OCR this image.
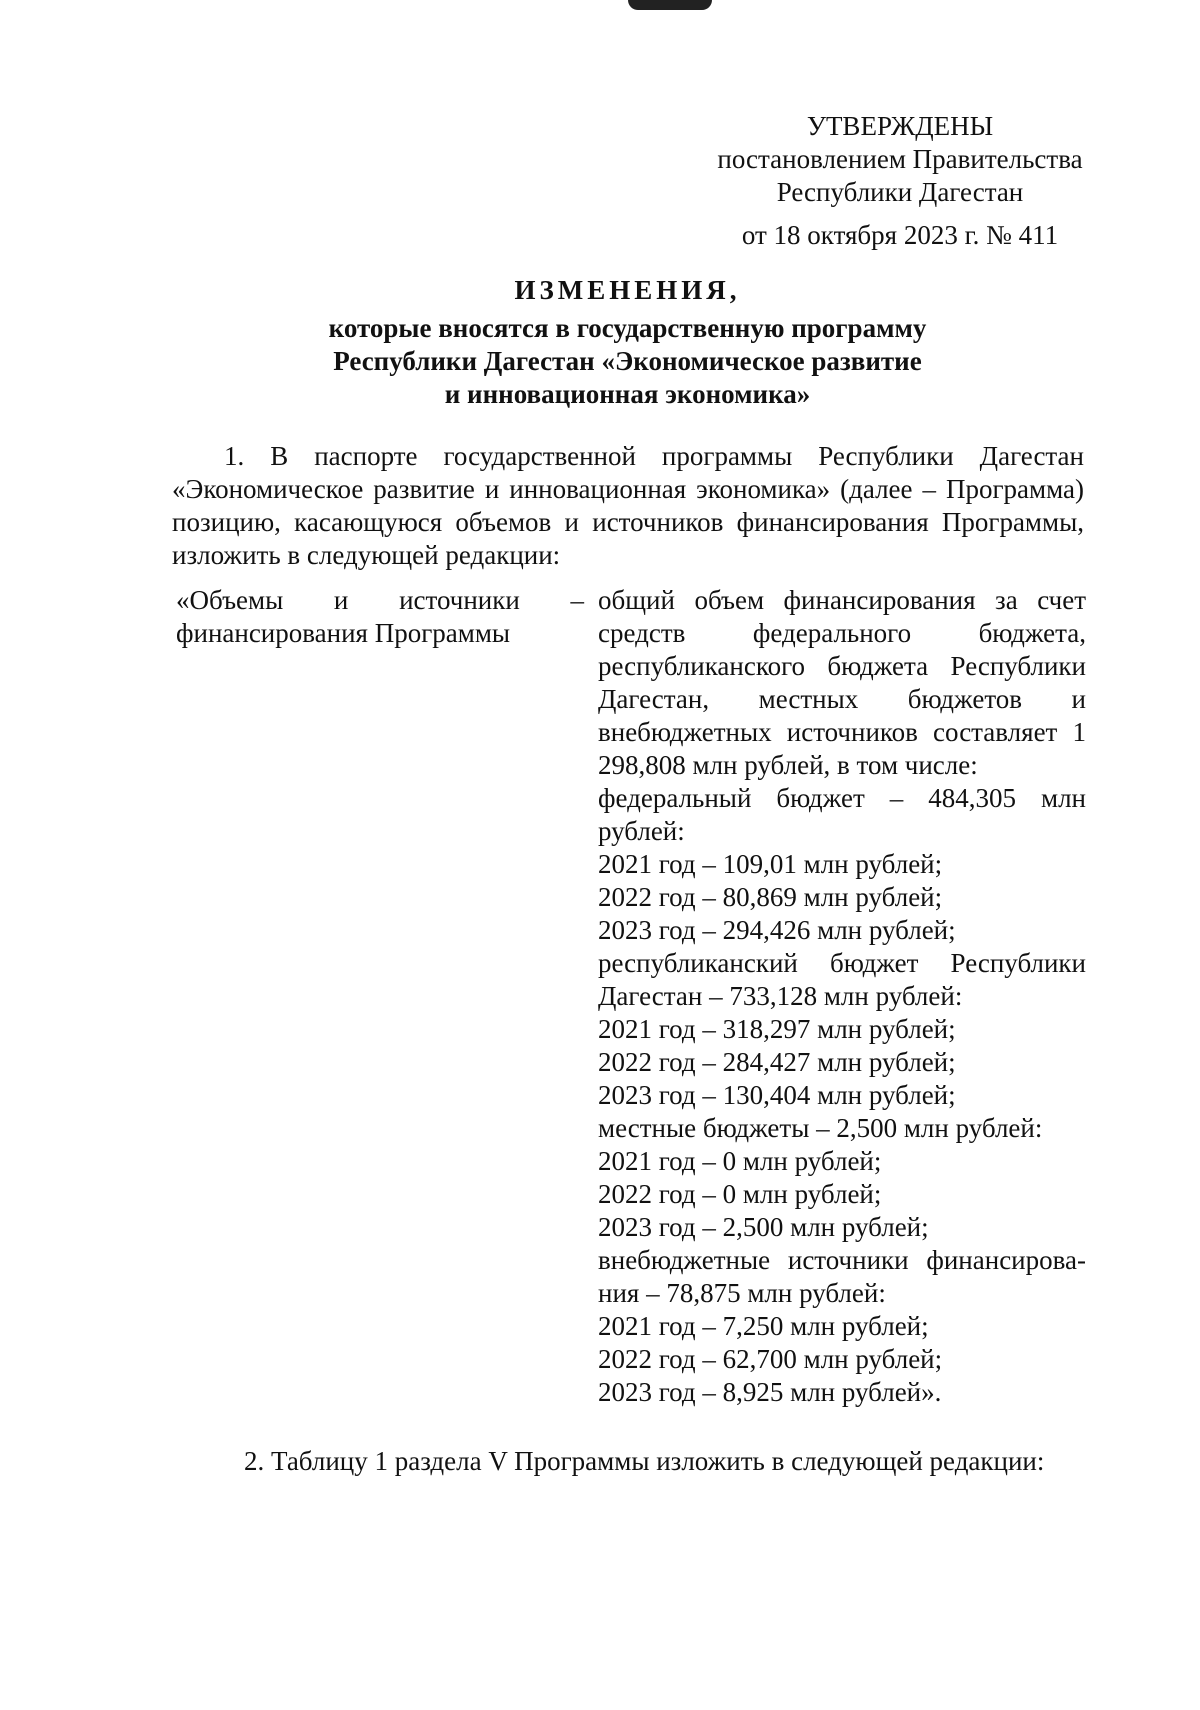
УТВЕРЖДЕНЫ
постановлением Правительства
Республики Дагестан
от 18 октября 2023 г. № 411
ИЗМЕНЕНИЯ,
которые вносятся в государственную программу
Республики Дагестан «Экономическое развитие
и инновационная экономика»
1. В паспорте государственной программы Республики Дагестан «Экономическое развитие и инновационная экономика» (далее – Программа) позицию, касающуюся объемов и источников финансирования Программы, изложить в следующей редакции:
«Объемы и источники –
финансирования Программы
общий объем финансирования за счет средств федерального бюджета, республиканского бюджета Республики Дагестан, местных бюджетов и внебюджетных источников составляет 1 298,808 млн рублей, в том числе:
федеральный бюджет – 484,305 млн рублей:
2021 год – 109,01 млн рублей;
2022 год – 80,869 млн рублей;
2023 год – 294,426 млн рублей;
республиканский бюджет Республики Дагестан – 733,128 млн рублей:
2021 год – 318,297 млн рублей;
2022 год – 284,427 млн рублей;
2023 год – 130,404 млн рублей;
местные бюджеты – 2,500 млн рублей:
2021 год – 0 млн рублей;
2022 год – 0 млн рублей;
2023 год – 2,500 млн рублей;
внебюджетные источники финансирова- ния – 78,875 млн рублей:
2021 год – 7,250 млн рублей;
2022 год – 62,700 млн рублей;
2023 год – 8,925 млн рублей».
2. Таблицу 1 раздела V Программы изложить в следующей редакции:
